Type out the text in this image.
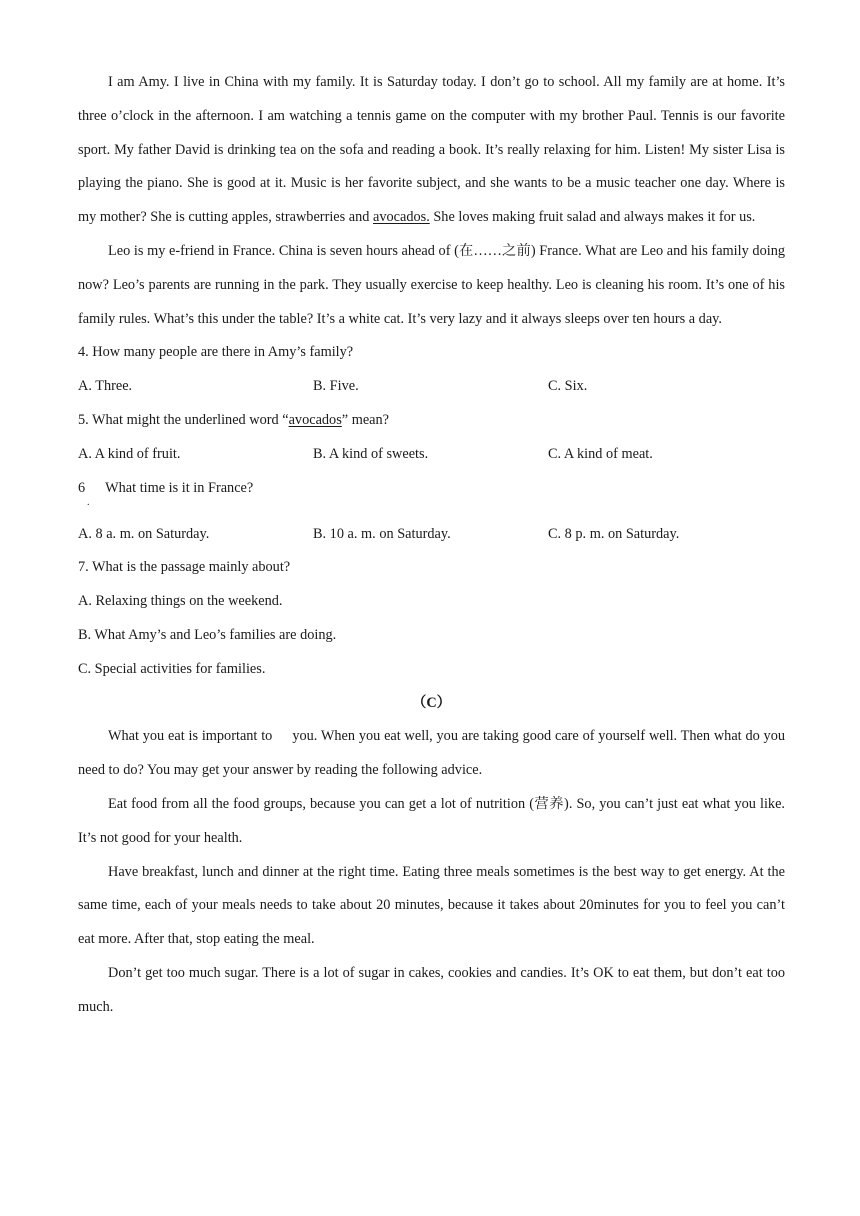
I am Amy. I live in China with my family. It is Saturday today. I don’t go to school. All my family are at home. It’s three o’clock in the afternoon. I am watching a tennis game on the computer with my brother Paul. Tennis is our favorite sport. My father David is drinking tea on the sofa and reading a book. It’s really relaxing for him. Listen! My sister Lisa is playing the piano. She is good at it. Music is her favorite subject, and she wants to be a music teacher one day. Where is my mother? She is cutting apples, strawberries and avocados. She loves making fruit salad and always makes it for us.

Leo is my e-friend in France. China is seven hours ahead of (在……之前) France. What are Leo and his family doing now? Leo’s parents are running in the park. They usually exercise to keep healthy. Leo is cleaning his room. It’s one of his family rules. What’s this under the table? It’s a white cat. It’s very lazy and it always sleeps over ten hours a day.

4. How many people are there in Amy’s family?

A. Three.	B. Five.	C. Six.

5. What might the underlined word “avocados” mean?

A. A kind of fruit.	B. A kind of sweets.	C. A kind of meat.

6
.
What time is it in France?

A. 8 a. m. on Saturday.	B. 10 a. m. on Saturday.	C. 8 p. m. on Saturday.

7. What is the passage mainly about?

A. Relaxing things on the weekend.

B. What Amy’s and Leo’s families are doing.

C. Special activities for families.

（C）

What you eat is important to you. When you eat well, you are taking good care of yourself well. Then what do you need to do? You may get your answer by reading the following advice.

Eat food from all the food groups, because you can get a lot of nutrition (营养). So, you can’t just eat what you like. It’s not good for your health.

Have breakfast, lunch and dinner at the right time. Eating three meals sometimes is the best way to get energy. At the same time, each of your meals needs to take about 20 minutes, because it takes about 20minutes for you to feel you can’t eat more. After that, stop eating the meal.

Don’t get too much sugar. There is a lot of sugar in cakes, cookies and candies. It’s OK to eat them, but don’t eat too much.
